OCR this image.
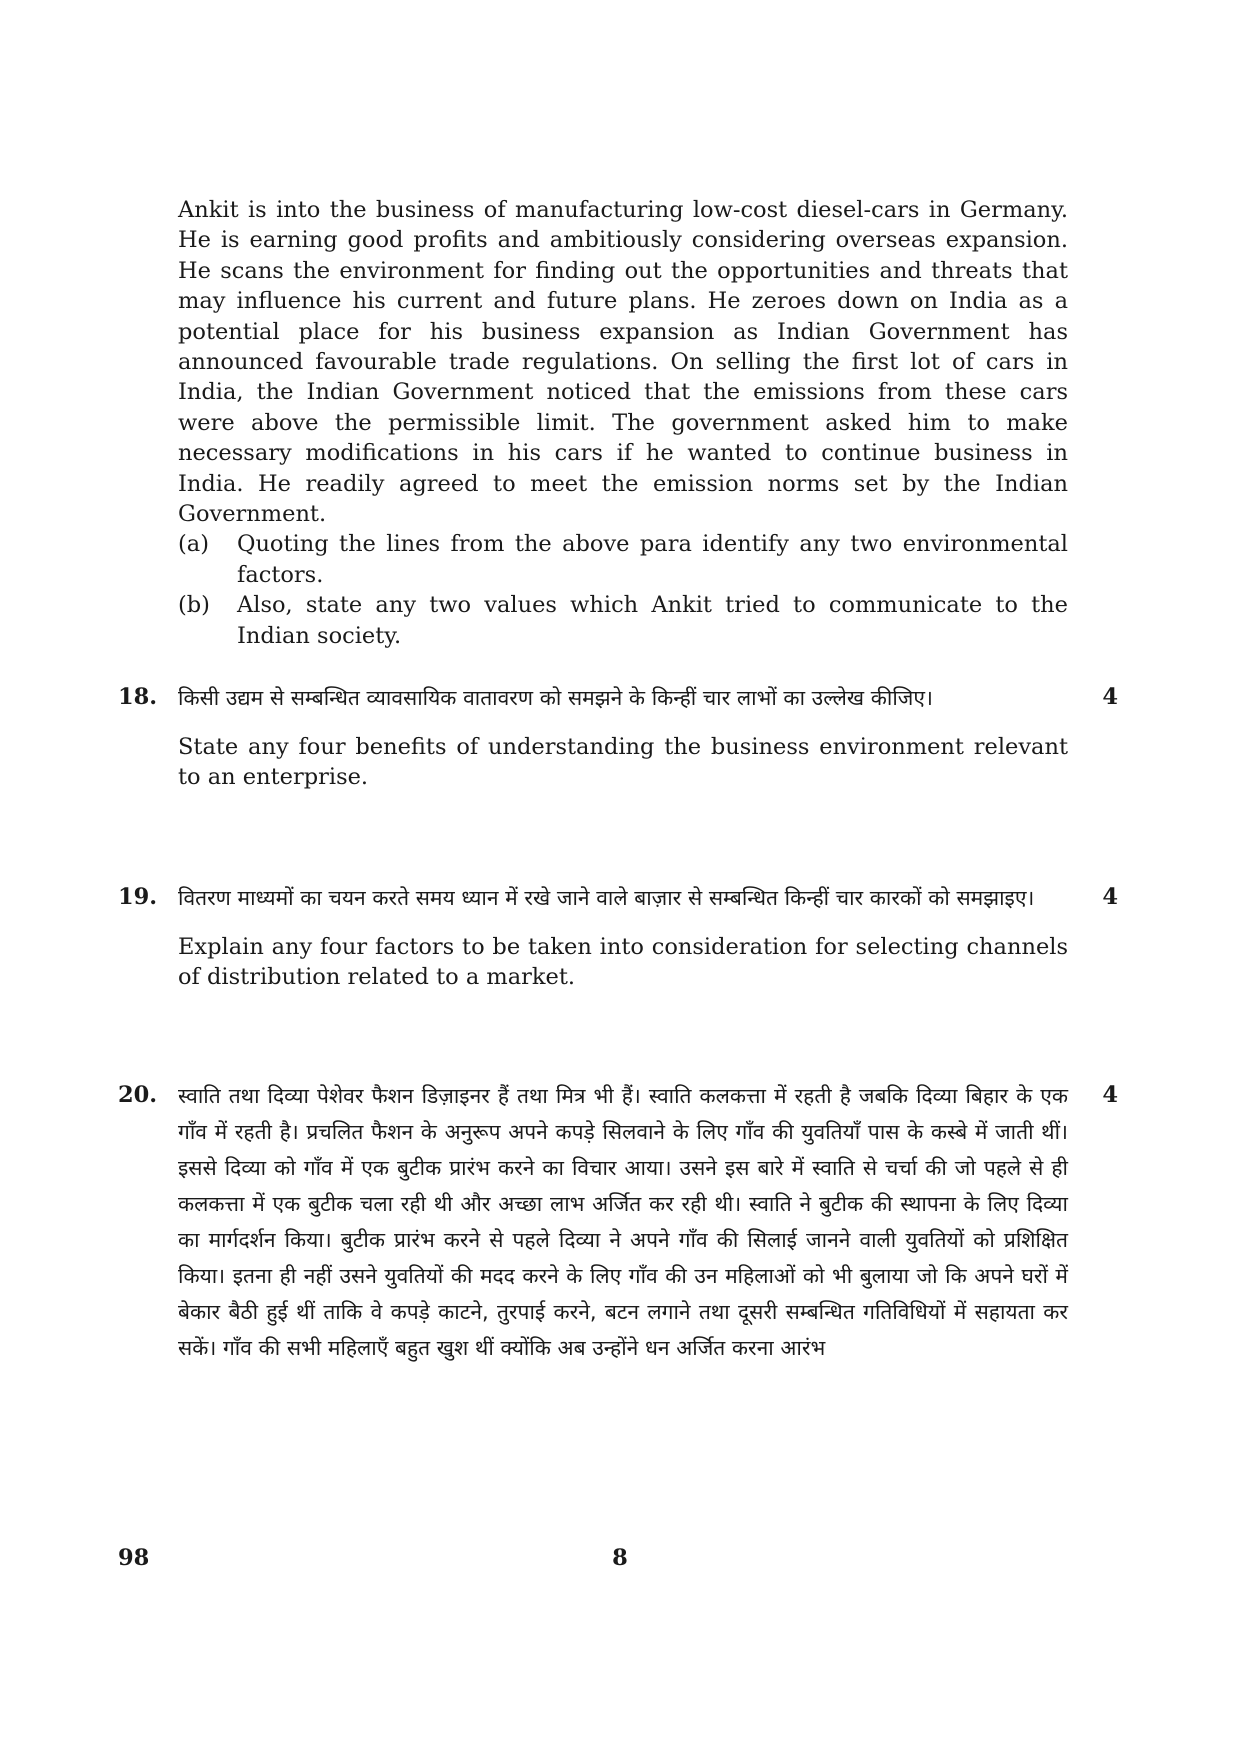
Ankit is into the business of manufacturing low-cost diesel-cars in Germany. He is earning good profits and ambitiously considering overseas expansion. He scans the environment for finding out the opportunities and threats that may influence his current and future plans. He zeroes down on India as a potential place for his business expansion as Indian Government has announced favourable trade regulations. On selling the first lot of cars in India, the Indian Government noticed that the emissions from these cars were above the permissible limit. The government asked him to make necessary modifications in his cars if he wanted to continue business in India. He readily agreed to meet the emission norms set by the Indian Government.

(a)	Quoting the lines from the above para identify any two environmental factors.
(b)	Also, state any two values which Ankit tried to communicate to the Indian society.
18. किसी उद्यम से सम्बन्धित व्यावसायिक वातावरण को समझने के किन्हीं चार लाभों का उल्लेख कीजिए।

State any four benefits of understanding the business environment relevant to an enterprise.

4
19. वितरण माध्यमों का चयन करते समय ध्यान में रखे जाने वाले बाज़ार से सम्बन्धित किन्हीं चार कारकों को समझाइए।

Explain any four factors to be taken into consideration for selecting channels of distribution related to a market.

4
20. स्वाति तथा दिव्या पेशेवर फैशन डिज़ाइनर हैं तथा मित्र भी हैं। स्वाति कलकत्ता में रहती है जबकि दिव्या बिहार के एक गाँव में रहती है। प्रचलित फैशन के अनुरूप अपने कपड़े सिलवाने के लिए गाँव की युवतियाँ पास के कस्बे में जाती थीं। इससे दिव्या को गाँव में एक बुटीक प्रारंभ करने का विचार आया। उसने इस बारे में स्वाति से चर्चा की जो पहले से ही कलकत्ता में एक बुटीक चला रही थी और अच्छा लाभ अर्जित कर रही थी। स्वाति ने बुटीक की स्थापना के लिए दिव्या का मार्गदर्शन किया। बुटीक प्रारंभ करने से पहले दिव्या ने अपने गाँव की सिलाई जानने वाली युवतियों को प्रशिक्षित किया। इतना ही नहीं उसने युवतियों की मदद करने के लिए गाँव की उन महिलाओं को भी बुलाया जो कि अपने घरों में बेकार बैठी हुई थीं ताकि वे कपड़े काटने, तुरपाई करने, बटन लगाने तथा दूसरी सम्बन्धित गतिविधियों में सहायता कर सकें। गाँव की सभी महिलाएँ बहुत खुश थीं क्योंकि अब उन्होंने धन अर्जित करना आरंभ

4
98	8
